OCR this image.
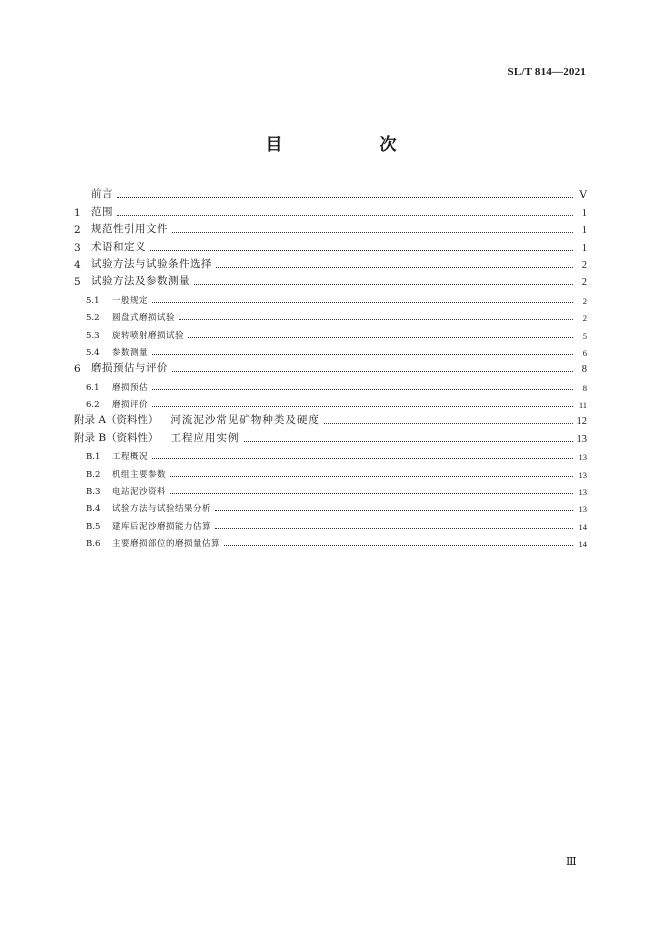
SL/T 814—2021
目　次
前言	Ⅴ
1 范围	1
2 规范性引用文件	1
3 术语和定义	1
4 试验方法与试验条件选择	2
5 试验方法及参数测量	2
5.1	一般规定	2
5.2	圆盘式磨损试验	2
5.3	旋转喷射磨损试验	5
5.4	参数测量	6
6 磨损预估与评价	8
6.1	磨损预估	8
6.2	磨损评价	11
附录 A（资料性） 河流泥沙常见矿物种类及硬度	12
附录 B（资料性） 工程应用实例	13
B.1	工程概况	13
B.2	机组主要参数	13
B.3	电站泥沙资料	13
B.4	试验方法与试验结果分析	13
B.5	建库后泥沙磨损能力估算	14
B.6	主要磨损部位的磨损量估算	14
Ⅲ
